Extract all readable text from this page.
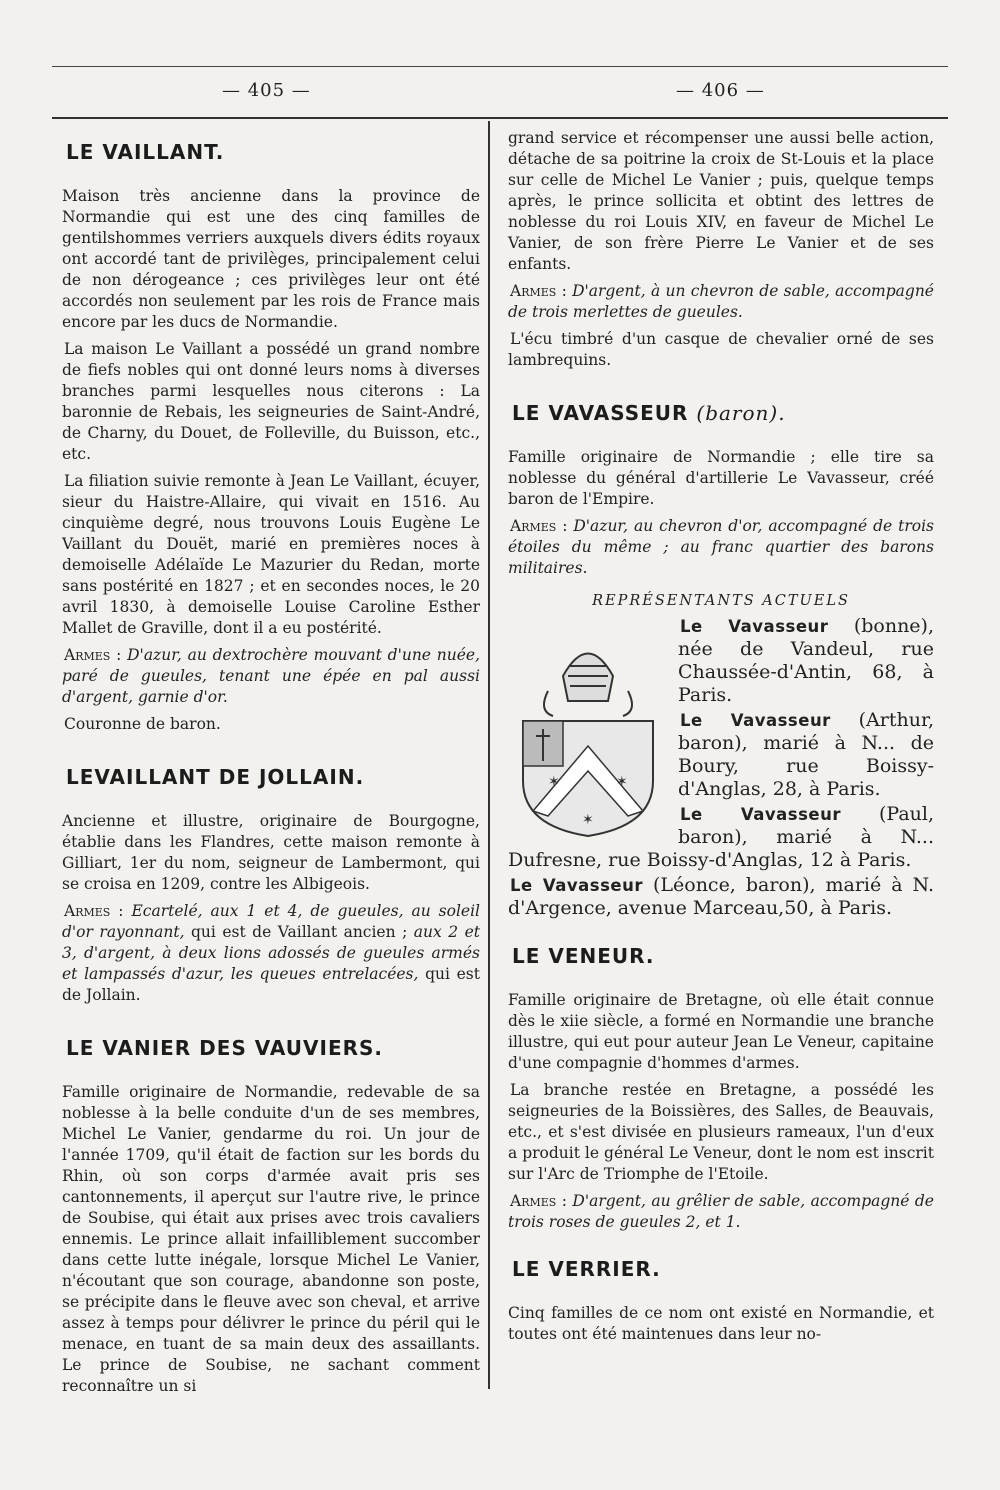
— 405 —	— 406 —
LE VAILLANT.

Maison très ancienne dans la province de Normandie qui est une des cinq familles de gentilshommes verriers auxquels divers édits royaux ont accordé tant de privilèges, principalement celui de non dérogeance ; ces privilèges leur ont été accordés non seulement par les rois de France mais encore par les ducs de Normandie.

La maison Le Vaillant a possédé un grand nombre de fiefs nobles qui ont donné leurs noms à diverses branches parmi lesquelles nous citerons : La baronnie de Rebais, les seigneuries de Saint-André, de Charny, du Douet, de Folleville, du Buisson, etc., etc.

La filiation suivie remonte à Jean Le Vaillant, écuyer, sieur du Haistre-Allaire, qui vivait en 1516. Au cinquième degré, nous trouvons Louis Eugène Le Vaillant du Douët, marié en premières noces à demoiselle Adélaïde Le Mazurier du Redan, morte sans postérité en 1827 ; et en secondes noces, le 20 avril 1830, à demoiselle Louise Caroline Esther Mallet de Graville, dont il a eu postérité.

Armes : D'azur, au dextrochère mouvant d'une nuée, paré de gueules, tenant une épée en pal aussi d'argent, garnie d'or.

Couronne de baron.

LEVAILLANT DE JOLLAIN.

Ancienne et illustre, originaire de Bourgogne, établie dans les Flandres, cette maison remonte à Gilliart, 1er du nom, seigneur de Lambermont, qui se croisa en 1209, contre les Albigeois.

Armes : Ecartelé, aux 1 et 4, de gueules, au soleil d'or rayonnant, qui est de Vaillant ancien ; aux 2 et 3, d'argent, à deux lions adossés de gueules armés et lampassés d'azur, les queues entrelacées, qui est de Jollain.

LE VANIER DES VAUVIERS.

Famille originaire de Normandie, redevable de sa noblesse à la belle conduite d'un de ses membres, Michel Le Vanier, gendarme du roi. Un jour de l'année 1709, qu'il était de faction sur les bords du Rhin, où son corps d'armée avait pris ses cantonnements, il aperçut sur l'autre rive, le prince de Soubise, qui était aux prises avec trois cavaliers ennemis. Le prince allait infailliblement succomber dans cette lutte inégale, lorsque Michel Le Vanier, n'écoutant que son courage, abandonne son poste, se précipite dans le fleuve avec son cheval, et arrive assez à temps pour délivrer le prince du péril qui le menace, en tuant de sa main deux des assaillants. Le prince de Soubise, ne sachant comment reconnaître un si

grand service et récompenser une aussi belle action, détache de sa poitrine la croix de St-Louis et la place sur celle de Michel Le Vanier ; puis, quelque temps après, le prince sollicita et obtint des lettres de noblesse du roi Louis XIV, en faveur de Michel Le Vanier, de son frère Pierre Le Vanier et de ses enfants.

Armes : D'argent, à un chevron de sable, accompagné de trois merlettes de gueules.

L'écu timbré d'un casque de chevalier orné de ses lambrequins.

LE VAVASSEUR (baron).

Famille originaire de Normandie ; elle tire sa noblesse du général d'artillerie Le Vavasseur, créé baron de l'Empire.

Armes : D'azur, au chevron d'or, accompagné de trois étoiles du même ; au franc quartier des barons militaires.

REPRÉSENTANTS ACTUELS
✶	✶
✶

Le Vavasseur (bonne), née de Vandeul, rue Chaussée-d'Antin, 68, à Paris.

Le Vavasseur (Arthur, baron), marié à N... de Boury, rue Boissy-d'Anglas, 28, à Paris.

Le Vavasseur (Paul, baron), marié à N... Dufresne, rue Boissy-d'Anglas, 12 à Paris.

Le Vavasseur (Léonce, baron), marié à N. d'Argence, avenue Marceau,50, à Paris.

LE VENEUR.

Famille originaire de Bretagne, où elle était connue dès le xiie siècle, a formé en Normandie une branche illustre, qui eut pour auteur Jean Le Veneur, capitaine d'une compagnie d'hommes d'armes.

La branche restée en Bretagne, a possédé les seigneuries de la Boissières, des Salles, de Beauvais, etc., et s'est divisée en plusieurs rameaux, l'un d'eux a produit le général Le Veneur, dont le nom est inscrit sur l'Arc de Triomphe de l'Etoile.

Armes : D'argent, au grêlier de sable, accompagné de trois roses de gueules 2, et 1.

LE VERRIER.

Cinq familles de ce nom ont existé en Normandie, et toutes ont été maintenues dans leur no-
